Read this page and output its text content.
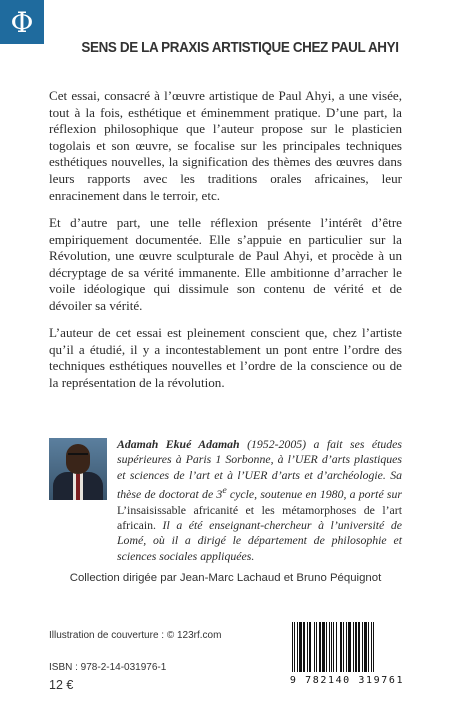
Φ
SENS DE LA PRAXIS ARTISTIQUE CHEZ PAUL AHYI

Cet essai, consacré à l’œuvre artistique de Paul Ahyi, a une visée, tout à la fois, esthétique et éminemment pratique. D’une part, la réflexion philosophique que l’auteur propose sur le plasticien togolais et son œuvre, se focalise sur les principales techniques esthétiques nouvelles, la signification des thèmes des œuvres dans leurs rapports avec les traditions orales africaines, leur enracinement dans le terroir, etc.

Et d’autre part, une telle réflexion présente l’intérêt d’être empiriquement documentée. Elle s’appuie en particulier sur la Révolution, une œuvre sculpturale de Paul Ahyi, et procède à un décryptage de sa vérité immanente. Elle ambitionne d’arracher le voile idéologique qui dissimule son contenu de vérité et de dévoiler sa vérité.

L’auteur de cet essai est pleinement conscient que, chez l’artiste qu’il a étudié, il y a incontestablement un pont entre l’ordre des techniques esthétiques nouvelles et l’ordre de la conscience ou de la représentation de la révolution.

Adamah Ekué Adamah (1952-2005) a fait ses études supérieures à Paris 1 Sorbonne, à l’UER d’arts plastiques et sciences de l’art et à l’UER d’arts et d’archéologie. Sa thèse de doctorat de 3e cycle, soutenue en 1980, a porté sur L’insaisissable africanité et les métamorphoses de l’art africain. Il a été enseignant-chercheur à l’université de Lomé, où il a dirigé le département de philosophie et sciences sociales appliquées.

Collection dirigée par Jean-Marc Lachaud et Bruno Péquignot
Illustration de couverture : © 123rf.com
ISBN : 978-2-14-031976-1
12 €	9 782140 319761
